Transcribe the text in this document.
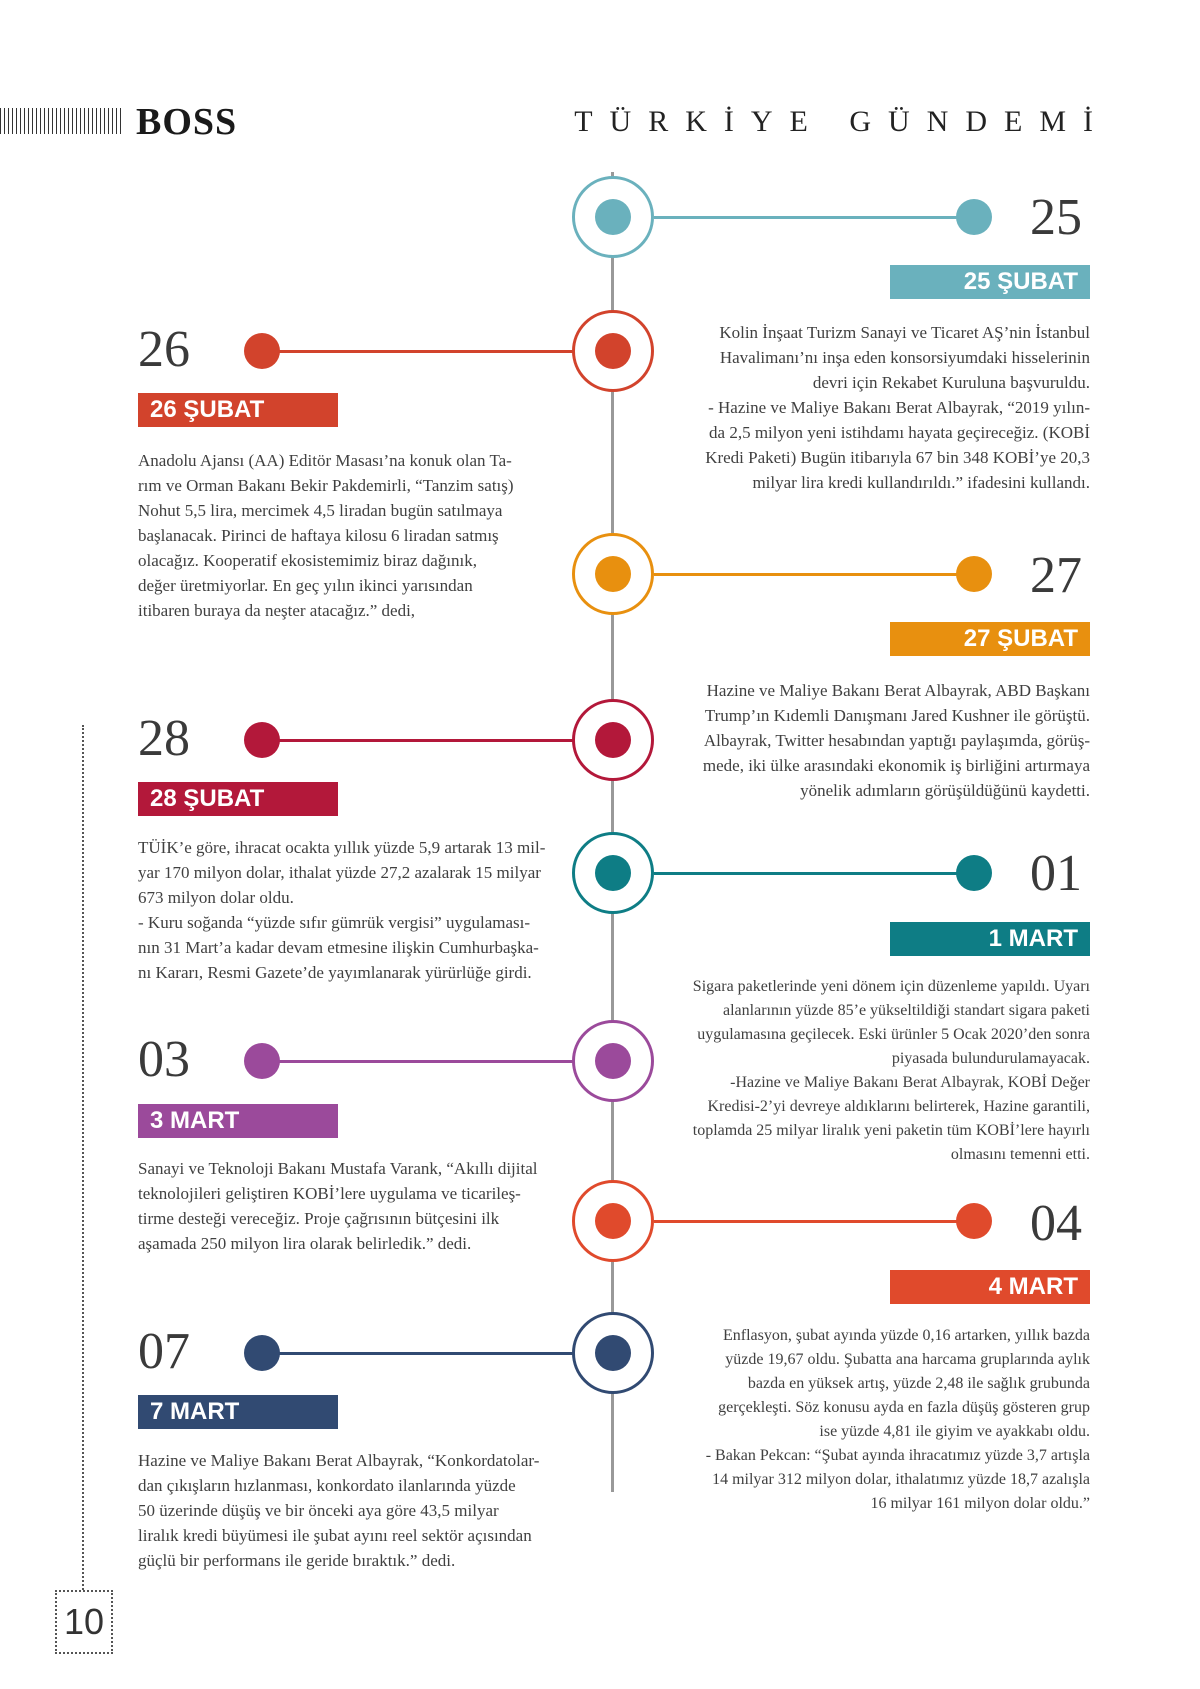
BOSS	TÜRKİYE GÜNDEMİ
25
25 ŞUBAT
Kolin İnşaat Turizm Sanayi ve Ticaret AŞ’nin İstanbul
Havalimanı’nı inşa eden konsorsiyumdaki hisselerinin
devri için Rekabet Kuruluna başvuruldu.
- Hazine ve Maliye Bakanı Berat Albayrak, “2019 yılın-
da 2,5 milyon yeni istihdamı hayata geçireceğiz. (KOBİ
Kredi Paketi) Bugün itibarıyla 67 bin 348 KOBİ’ye 20,3
milyar lira kredi kullandırıldı.” ifadesini kullandı.
26
26 ŞUBAT
Anadolu Ajansı (AA) Editör Masası’na konuk olan Ta-
rım ve Orman Bakanı Bekir Pakdemirli, “Tanzim satış)
Nohut 5,5 lira, mercimek 4,5 liradan bugün satılmaya
başlanacak. Pirinci de haftaya kilosu 6 liradan satmış
olacağız. Kooperatif ekosistemimiz biraz dağınık,
değer üretmiyorlar. En geç yılın ikinci yarısından
itibaren buraya da neşter atacağız.” dedi,
27
27 ŞUBAT
Hazine ve Maliye Bakanı Berat Albayrak, ABD Başkanı
Trump’ın Kıdemli Danışmanı Jared Kushner ile görüştü.
Albayrak, Twitter hesabından yaptığı paylaşımda, görüş-
mede, iki ülke arasındaki ekonomik iş birliğini artırmaya
yönelik adımların görüşüldüğünü kaydetti.
28
28 ŞUBAT
TÜİK’e göre, ihracat ocakta yıllık yüzde 5,9 artarak 13 mil-
yar 170 milyon dolar, ithalat yüzde 27,2 azalarak 15 milyar
673 milyon dolar oldu.
- Kuru soğanda “yüzde sıfır gümrük vergisi” uygulaması-
nın 31 Mart’a kadar devam etmesine ilişkin Cumhurbaşka-
nı Kararı, Resmi Gazete’de yayımlanarak yürürlüğe girdi.
01
1 MART
Sigara paketlerinde yeni dönem için düzenleme yapıldı. Uyarı
alanlarının yüzde 85’e yükseltildiği standart sigara paketi
uygulamasına geçilecek. Eski ürünler 5 Ocak 2020’den sonra
piyasada bulundurulamayacak.
-Hazine ve Maliye Bakanı Berat Albayrak, KOBİ Değer
Kredisi-2’yi devreye aldıklarını belirterek, Hazine garantili,
toplamda 25 milyar liralık yeni paketin tüm KOBİ’lere hayırlı
olmasını temenni etti.
03
3 MART
Sanayi ve Teknoloji Bakanı Mustafa Varank, “Akıllı dijital
teknolojileri geliştiren KOBİ’lere uygulama ve ticarileş-
tirme desteği vereceğiz. Proje çağrısının bütçesini ilk
aşamada 250 milyon lira olarak belirledik.” dedi.	04
4 MART
Enflasyon, şubat ayında yüzde 0,16 artarken, yıllık bazda
yüzde 19,67 oldu. Şubatta ana harcama gruplarında aylık
bazda en yüksek artış, yüzde 2,48 ile sağlık grubunda
gerçekleşti. Söz konusu ayda en fazla düşüş gösteren grup
ise yüzde 4,81 ile giyim ve ayakkabı oldu.
- Bakan Pekcan: “Şubat ayında ihracatımız yüzde 3,7 artışla
14 milyar 312 milyon dolar, ithalatımız yüzde 18,7 azalışla
16 milyar 161 milyon dolar oldu.”
07
7 MART
Hazine ve Maliye Bakanı Berat Albayrak, “Konkordatolar-
dan çıkışların hızlanması, konkordato ilanlarında yüzde
50 üzerinde düşüş ve bir önceki aya göre 43,5 milyar
liralık kredi büyümesi ile şubat ayını reel sektör açısından
güçlü bir performans ile geride bıraktık.” dedi.
10
